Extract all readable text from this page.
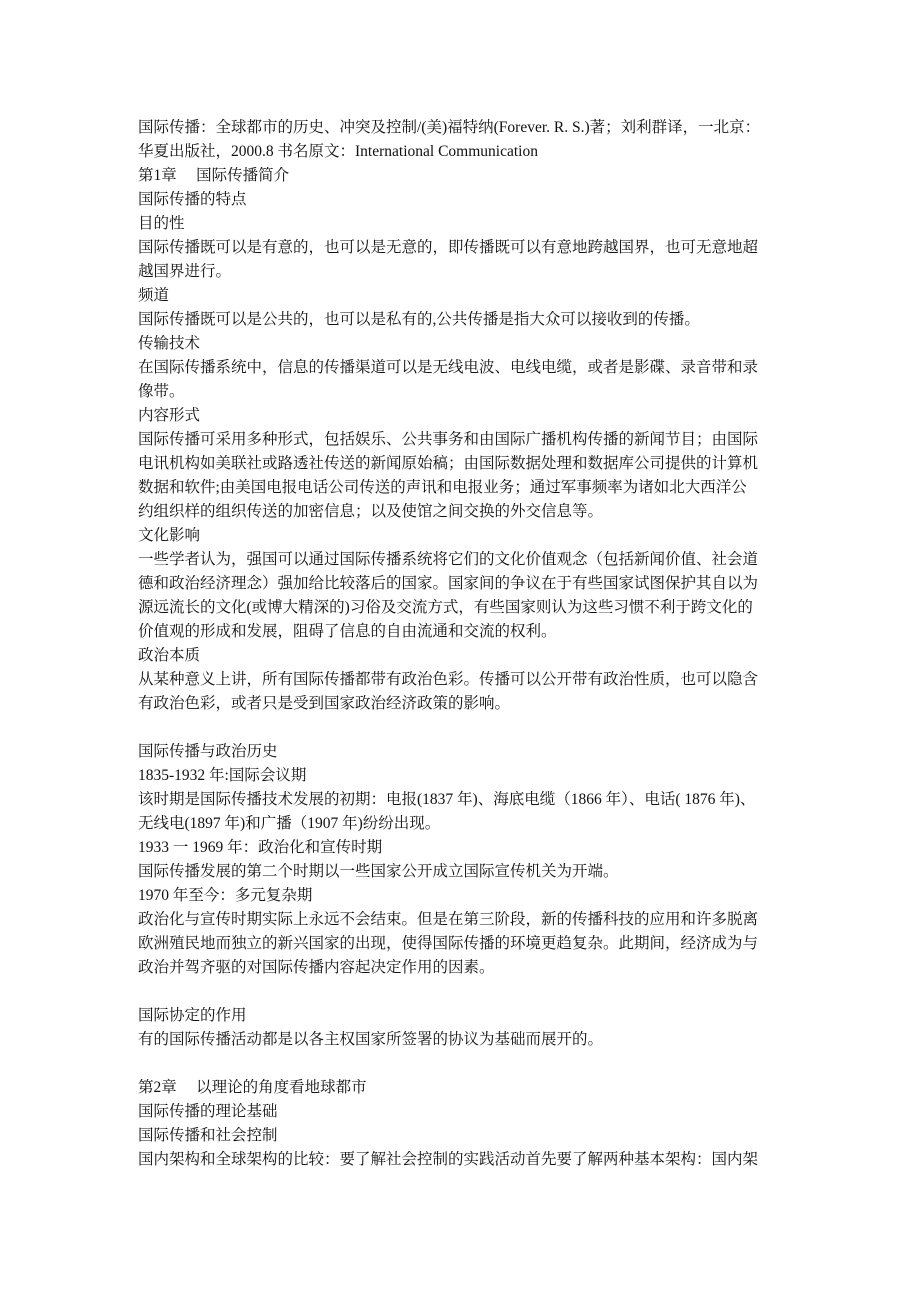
国际传播：全球都市的历史、冲突及控制/(美)福特纳(Forever. R. S.)著；刘利群译，一北京：
华夏出版社，2000.8 书名原文：International Communication
第1章　 国际传播简介
国际传播的特点
目的性
国际传播既可以是有意的，也可以是无意的，即传播既可以有意地跨越国界，也可无意地超
越国界进行。
频道
国际传播既可以是公共的，也可以是私有的,公共传播是指大众可以接收到的传播。
传输技术
在国际传播系统中，信息的传播渠道可以是无线电波、电线电缆，或者是影碟、录音带和录
像带。
内容形式
国际传播可采用多种形式，包括娱乐、公共事务和由国际广播机构传播的新闻节目；由国际
电讯机构如美联社或路透社传送的新闻原始稿；由国际数据处理和数据库公司提供的计算机
数据和软件;由美国电报电话公司传送的声讯和电报业务；通过军事频率为诸如北大西洋公
约组织样的组织传送的加密信息；以及使馆之间交换的外交信息等。
文化影响
一些学者认为，强国可以通过国际传播系统将它们的文化价值观念（包括新闻价值、社会道
德和政治经济理念）强加给比较落后的国家。国家间的争议在于有些国家试图保护其自以为
源远流长的文化(或博大精深的)习俗及交流方式，有些国家则认为这些习惯不利于跨文化的
价值观的形成和发展，阻碍了信息的自由流通和交流的权利。
政治本质
从某种意义上讲，所有国际传播都带有政治色彩。传播可以公开带有政治性质，也可以隐含
有政治色彩，或者只是受到国家政治经济政策的影响。
国际传播与政治历史
1835-1932 年:国际会议期
该时期是国际传播技术发展的初期：电报(1837 年)、海底电缆（1866 年）、电话( 1876 年)、
无线电(1897 年)和广播（1907 年)纷纷出现。
1933 一 1969 年：政治化和宣传时期
国际传播发展的第二个时期以一些国家公开成立国际宣传机关为开端。
1970 年至今：多元复杂期
政治化与宣传时期实际上永远不会结束。但是在第三阶段，新的传播科技的应用和许多脱离
欧洲殖民地而独立的新兴国家的出现，使得国际传播的环境更趋复杂。此期间，经济成为与
政治并驾齐驱的对国际传播内容起决定作用的因素。
国际协定的作用
有的国际传播活动都是以各主权国家所签署的协议为基础而展开的。
第2章　 以理论的角度看地球都市
国际传播的理论基础
国际传播和社会控制
国内架构和全球架构的比较：要了解社会控制的实践活动首先要了解两种基本架构：国内架
